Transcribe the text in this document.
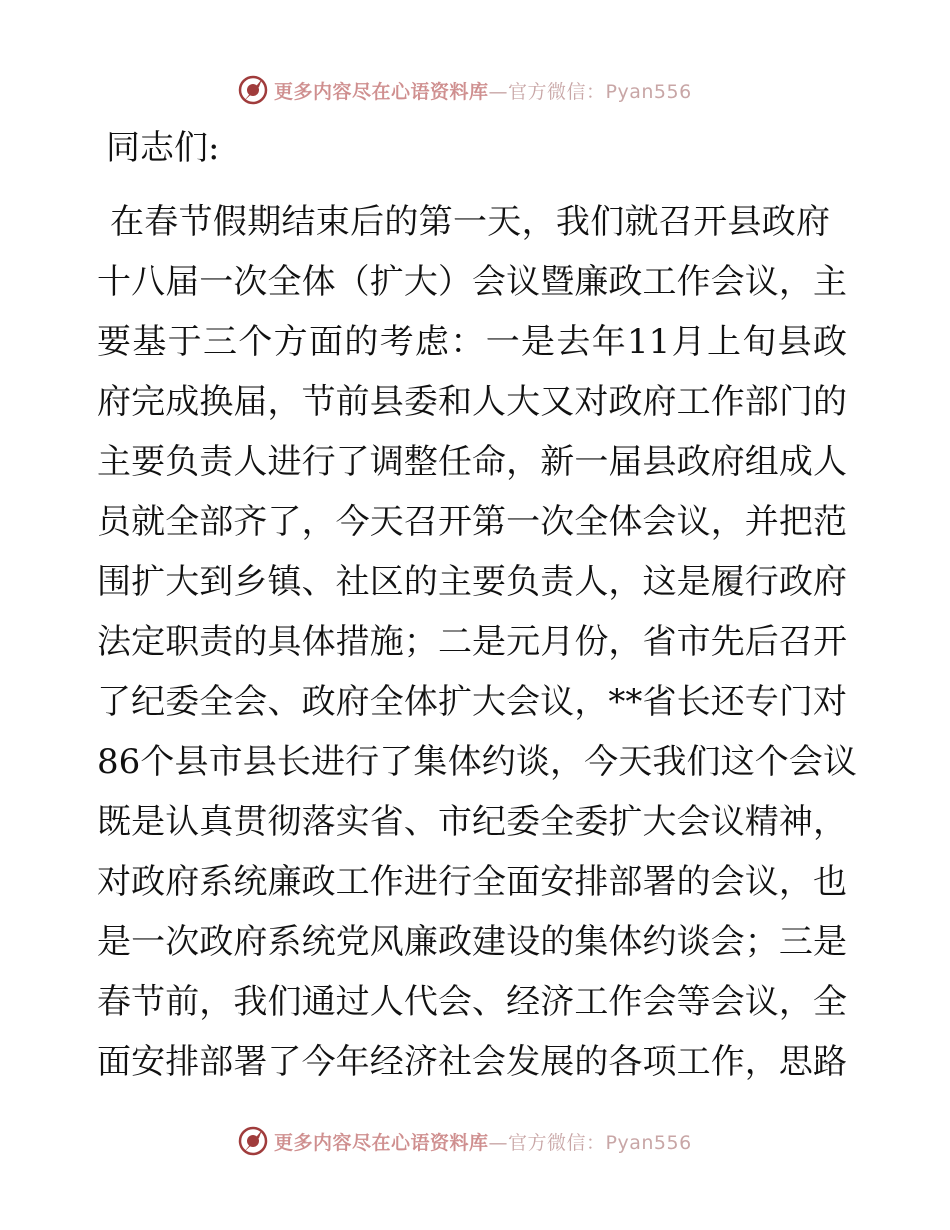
更多内容尽在心语资料库—官方微信：Pyan556

同志们:

在春节假期结束后的第一天，我们就召开县政府
十八届一次全体（扩大）会议暨廉政工作会议，主
要基于三个方面的考虑：一是去年11月上旬县政
府完成换届，节前县委和人大又对政府工作部门的
主要负责人进行了调整任命，新一届县政府组成人
员就全部齐了，今天召开第一次全体会议，并把范
围扩大到乡镇、社区的主要负责人，这是履行政府
法定职责的具体措施；二是元月份，省市先后召开
了纪委全会、政府全体扩大会议，**省长还专门对
86个县市县长进行了集体约谈，今天我们这个会议
既是认真贯彻落实省、市纪委全委扩大会议精神，
对政府系统廉政工作进行全面安排部署的会议，也
是一次政府系统党风廉政建设的集体约谈会；三是
春节前，我们通过人代会、经济工作会等会议，全
面安排部署了今年经济社会发展的各项工作，思路
更多内容尽在心语资料库—官方微信：Pyan556
